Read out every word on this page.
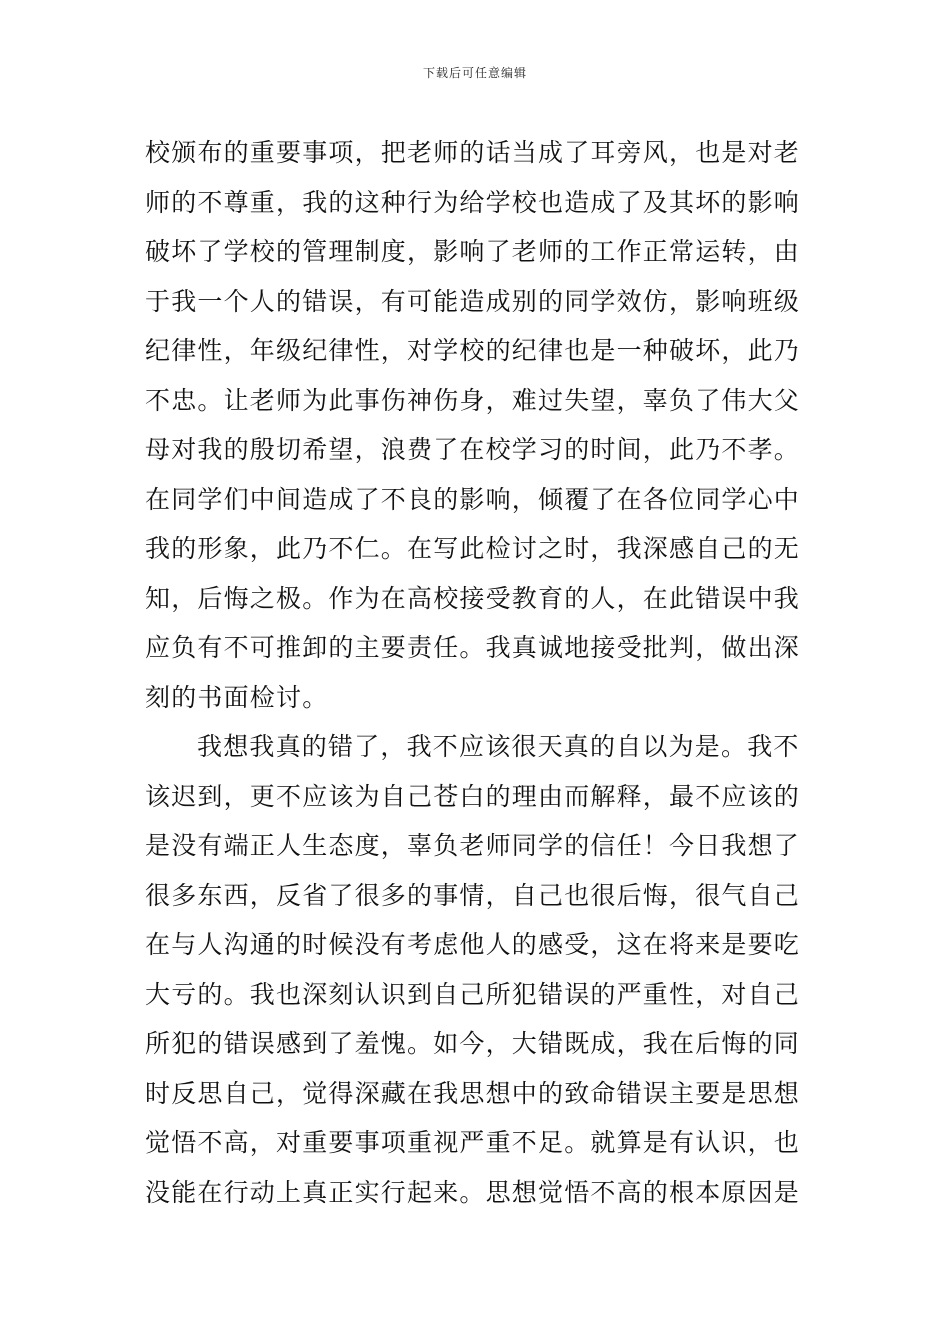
下载后可任意编辑
校颁布的重要事项，把老师的话当成了耳旁风，也是对老
师的不尊重，我的这种行为给学校也造成了及其坏的影响
破坏了学校的管理制度，影响了老师的工作正常运转，由
于我一个人的错误，有可能造成别的同学效仿，影响班级
纪律性，年级纪律性，对学校的纪律也是一种破坏，此乃
不忠。让老师为此事伤神伤身，难过失望，辜负了伟大父
母对我的殷切希望，浪费了在校学习的时间，此乃不孝。
在同学们中间造成了不良的影响，倾覆了在各位同学心中
我的形象，此乃不仁。在写此检讨之时，我深感自己的无
知，后悔之极。作为在高校接受教育的人，在此错误中我
应负有不可推卸的主要责任。我真诚地接受批判，做出深
刻的书面检讨。
我想我真的错了，我不应该很天真的自以为是。我不
该迟到，更不应该为自己苍白的理由而解释，最不应该的
是没有端正人生态度，辜负老师同学的信任！今日我想了
很多东西，反省了很多的事情，自己也很后悔，很气自己
在与人沟通的时候没有考虑他人的感受，这在将来是要吃
大亏的。我也深刻认识到自己所犯错误的严重性，对自己
所犯的错误感到了羞愧。如今，大错既成，我在后悔的同
时反思自己，觉得深藏在我思想中的致命错误主要是思想
觉悟不高，对重要事项重视严重不足。就算是有认识，也
没能在行动上真正实行起来。思想觉悟不高的根本原因是
